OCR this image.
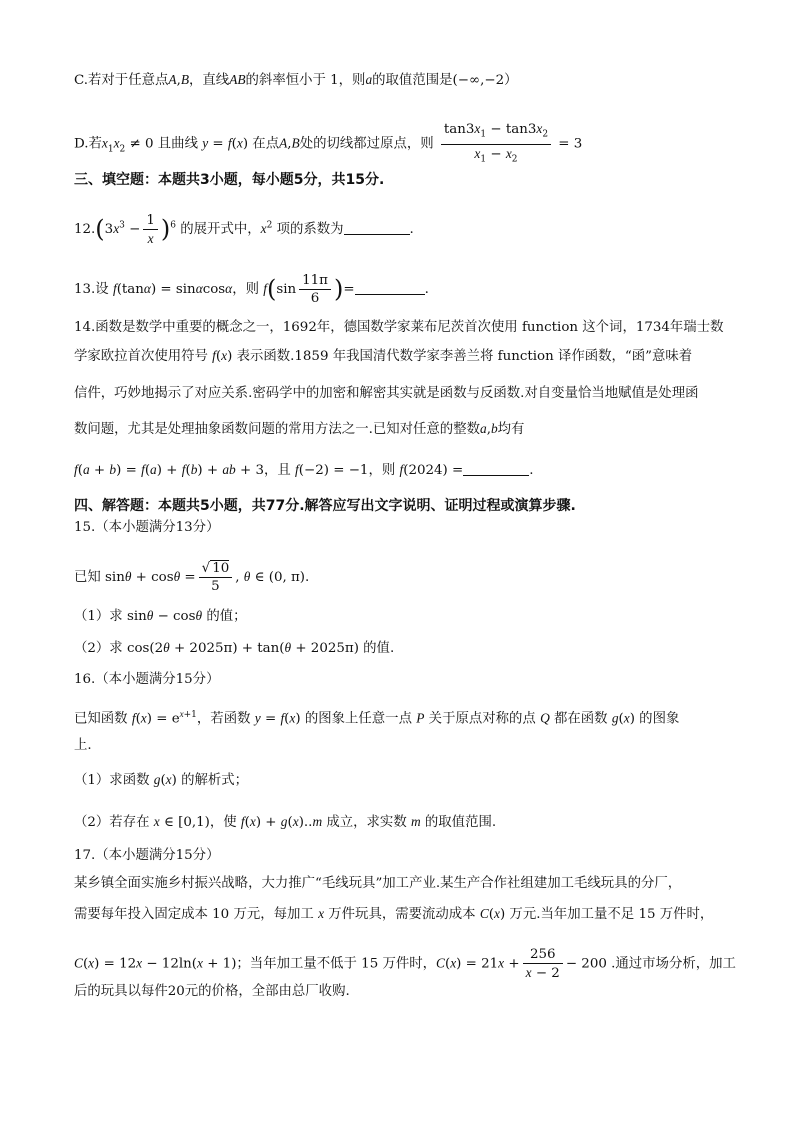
C.若对于任意点A,B，直线AB的斜率恒小于 1，则a的取值范围是(−∞,−2）
D.若$x_1x_2 \ne 0$ 且曲线 y = f(x) 在点A,B处的切线都过原点，则 $\frac{\tan 3x_1 - \tan 3x_2}{x_1 - x_2} = 3$
三、填空题：本题共3小题，每小题5分，共15分.
$12.(3x^3 - \frac{1}{x} )^6$ 的展开式中，$x^2$ 项的系数为	.
13.设 f(tanα) = sinαcosα，则 $f(\sin \frac{11\pi}{6}$ )=	.
14.函数是数学中重要的概念之一，1692年，德国数学家莱布尼茨首次使用 function 这个词，1734年瑞士数
学家欧拉首次使用符号 f(x) 表示函数.1859 年我国清代数学家李善兰将 function 译作函数，“函”意味着
信件，巧妙地揭示了对应关系.密码学中的加密和解密其实就是函数与反函数.对自变量恰当地赋值是处理函
数问题，尤其是处理抽象函数问题的常用方法之一.已知对任意的整数a,b均有
f(a + b) = f(a) + f(b) + ab + 3，且 f(−2) = −1，则 f(2024) =	.
四、解答题：本题共5小题，共77分.解答应写出文字说明、证明过程或演算步骤.
15.（本小题满分13分）
已知 $\sin\theta + \cos\theta = \frac{√ 10}{5}$ , θ ∈ (0, π).
（1）求 sinθ − cosθ 的值；
（2）求 cos(2θ + 2025π) + tan(θ + 2025π) 的值.
16.（本小题满分15分）
已知函数 $f(x) = e^{x+1}$，若函数 y = f(x) 的图象上任意一点 P 关于原点对称的点 Q 都在函数 g(x) 的图象
上.
（1）求函数 g(x) 的解析式；
（2）若存在 x ∈ [0,1)，使 f(x) + g(x)..m 成立，求实数 m 的取值范围.
17.（本小题满分15分）
某乡镇全面实施乡村振兴战略，大力推广“毛线玩具”加工产业.某生产合作社组建加工毛线玩具的分厂，
需要每年投入固定成本 10 万元，每加工 x 万件玩具，需要流动成本 C(x) 万元.当年加工量不足 15 万件时，
C(x) = 12x − 12ln(x + 1)；当年加工量不低于 15 万件时，$C(x) = 21x + \frac{256}{x - 2} - 200$ .通过市场分析，加工
后的玩具以每件20元的价格，全部由总厂收购.
